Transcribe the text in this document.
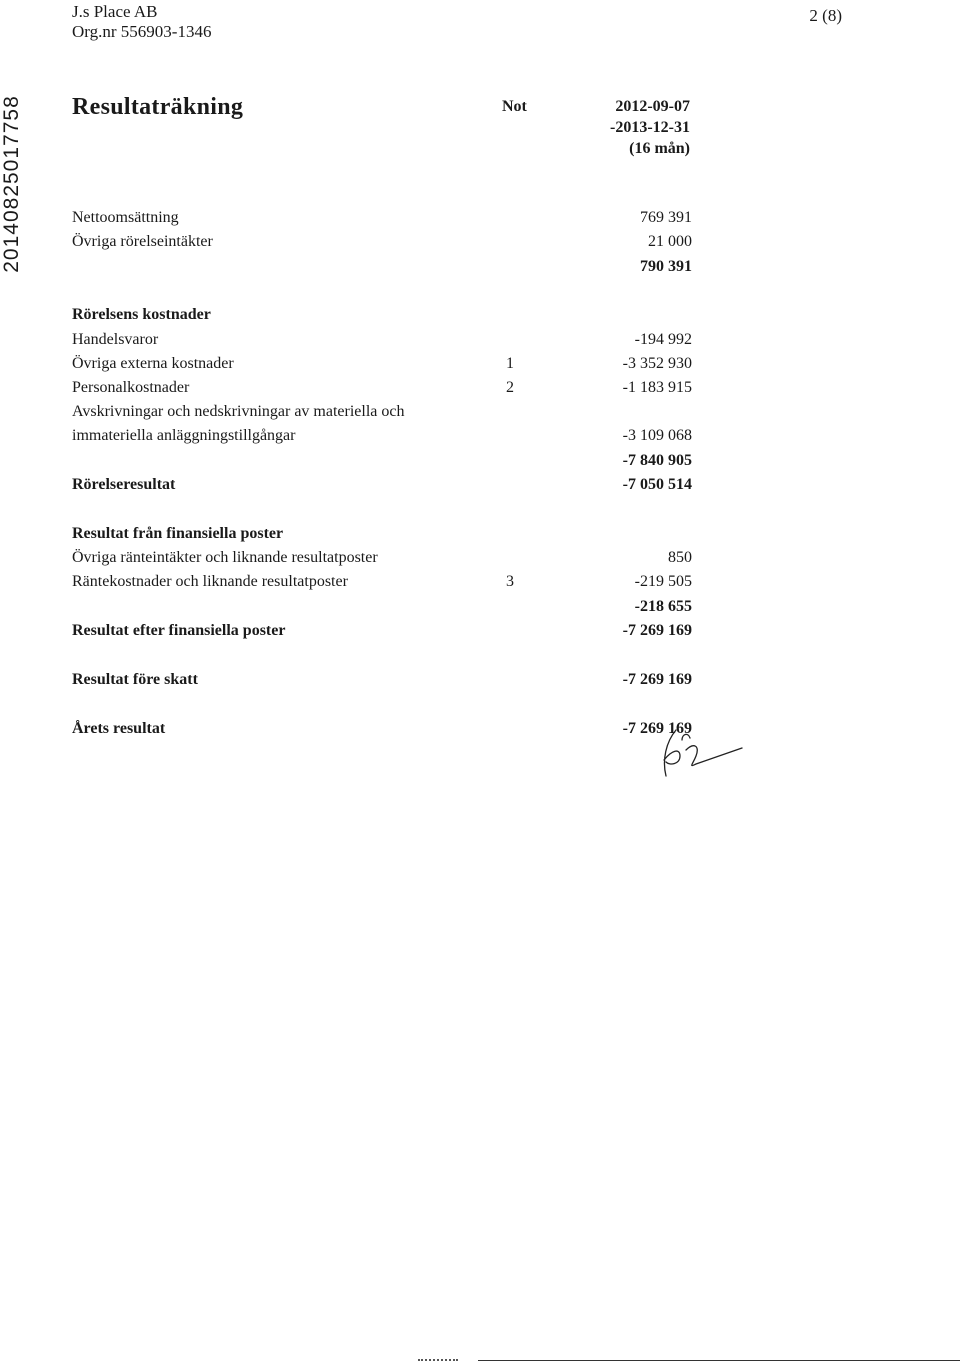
J.s Place AB
Org.nr 556903-1346
2 (8)
20140825017758 Resultaträkning	Not	2012-09-07
-2013-12-31
(16 mån)
Nettoomsättning	769 391
Övriga rörelseintäkter	21 000
790 391
Rörelsens kostnader
Handelsvaror	-194 992
Övriga externa kostnader	1	-3 352 930
Personalkostnader	2	-1 183 915
Avskrivningar och nedskrivningar av materiella och
immateriella anläggningstillgångar	-3 109 068
-7 840 905
Rörelseresultat	-7 050 514
Resultat från finansiella poster
Övriga ränteintäkter och liknande resultatposter	850
Räntekostnader och liknande resultatposter	3	-219 505
-218 655
Resultat efter finansiella poster	-7 269 169
Resultat före skatt	-7 269 169
Årets resultat	-7 269 169
